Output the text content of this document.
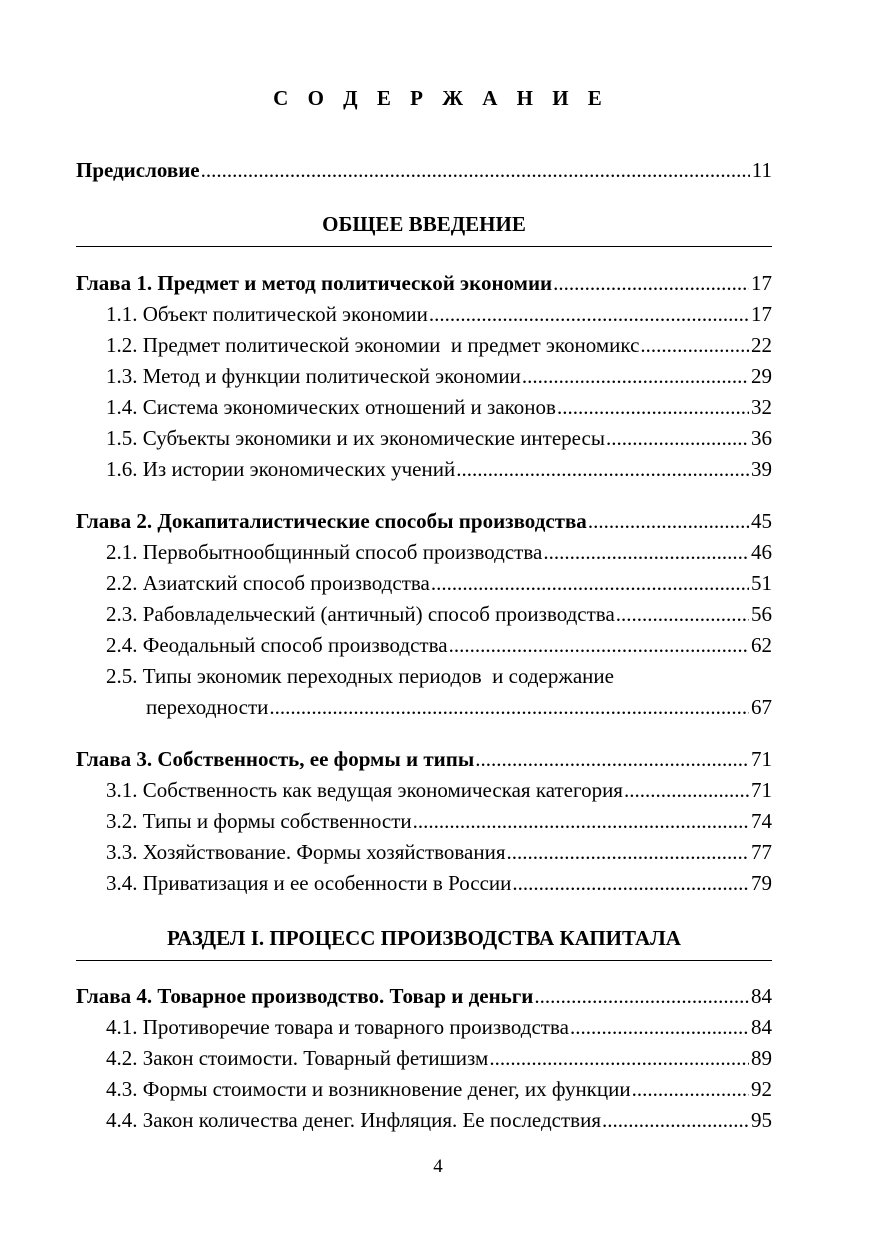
С О Д Е Р Ж А Н И Е
Предисловие .....	11
ОБЩЕЕ ВВЕДЕНИЕ
Глава 1. Предмет и метод политической экономии .....	17
1.1. Объект политической экономии .....	17
1.2. Предмет политической экономии  и предмет экономикс .....	22
1.3. Метод и функции политической экономии .....	29
1.4. Система экономических отношений и законов .....	32
1.5. Субъекты экономики и их экономические интересы .....	36
1.6. Из истории экономических учений .....	39
Глава 2. Докапиталистические способы производства .....	45
2.1. Первобытнообщинный способ производства .....	46
2.2. Азиатский способ производства .....	51
2.3. Рабовладельческий (античный) способ производства .....	56
2.4. Феодальный способ производства .....	62
2.5. Типы экономик переходных периодов  и содержание
переходности .....	67
Глава 3. Собственность, ее формы и типы .....	71
3.1. Собственность как ведущая экономическая категория .....	71
3.2. Типы и формы собственности .....	74
3.3. Хозяйствование. Формы хозяйствования .....	77
3.4. Приватизация и ее особенности в России .....	79
РАЗДЕЛ I. ПРОЦЕСС ПРОИЗВОДСТВА КАПИТАЛА
Глава 4. Товарное производство. Товар и деньги .....	84
4.1. Противоречие товара и товарного производства .....	84
4.2. Закон стоимости. Товарный фетишизм .....	89
4.3. Формы стоимости и возникновение денег, их функции .....	92
4.4. Закон количества денег. Инфляция. Ее последствия .....	95
4
